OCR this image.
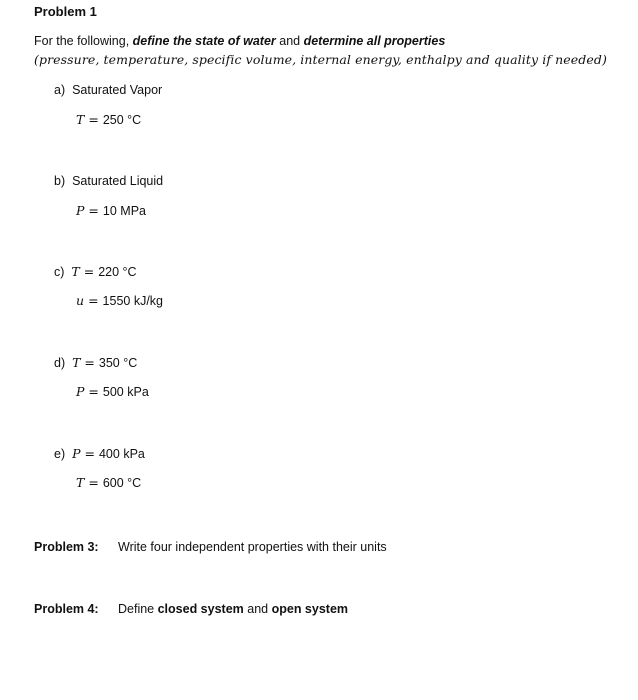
Problem 1
For the following, define the state of water and determine all properties
(pressure, temperature, specific volume, internal energy, enthalpy and quality if needed)
a) Saturated Vapor
T = 250 °C
b) Saturated Liquid
P = 10 MPa
c) T = 220 °C
u = 1550 kJ/kg
d) T = 350 °C
P = 500 kPa
e) P = 400 kPa
T = 600 °C
Problem 3: Write four independent properties with their units
Problem 4: Define closed system and open system
